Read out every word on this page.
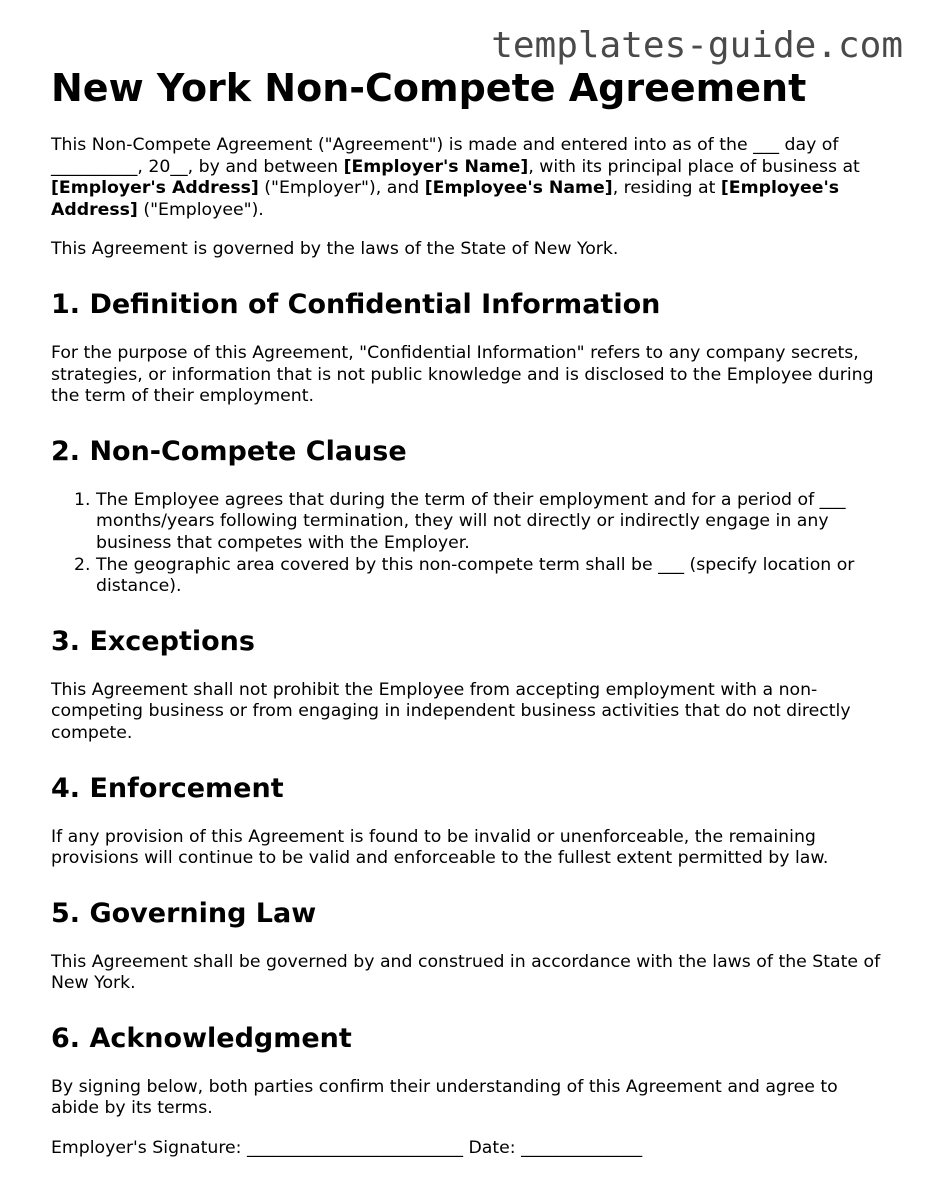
templates-guide.com
New York Non-Compete Agreement

This Non-Compete Agreement ("Agreement") is made and entered into as of the ___ day of __________, 20__, by and between [Employer's Name], with its principal place of business at [Employer's Address] ("Employer"), and [Employee's Name], residing at [Employee's Address] ("Employee").

This Agreement is governed by the laws of the State of New York.

1. Definition of Confidential Information

For the purpose of this Agreement, "Confidential Information" refers to any company secrets, strategies, or information that is not public knowledge and is disclosed to the Employee during the term of their employment.

2. Non-Compete Clause
1. The Employee agrees that during the term of their employment and for a period of ___ months/years following termination, they will not directly or indirectly engage in any business that competes with the Employer.
2. The geographic area covered by this non-compete term shall be ___ (specify location or distance).
3. Exceptions

This Agreement shall not prohibit the Employee from accepting employment with a non-competing business or from engaging in independent business activities that do not directly compete.

4. Enforcement

If any provision of this Agreement is found to be invalid or unenforceable, the remaining provisions will continue to be valid and enforceable to the fullest extent permitted by law.

5. Governing Law

This Agreement shall be governed by and construed in accordance with the laws of the State of New York.

6. Acknowledgment

By signing below, both parties confirm their understanding of this Agreement and agree to abide by its terms.

Employer's Signature: _________________________ Date: ______________
